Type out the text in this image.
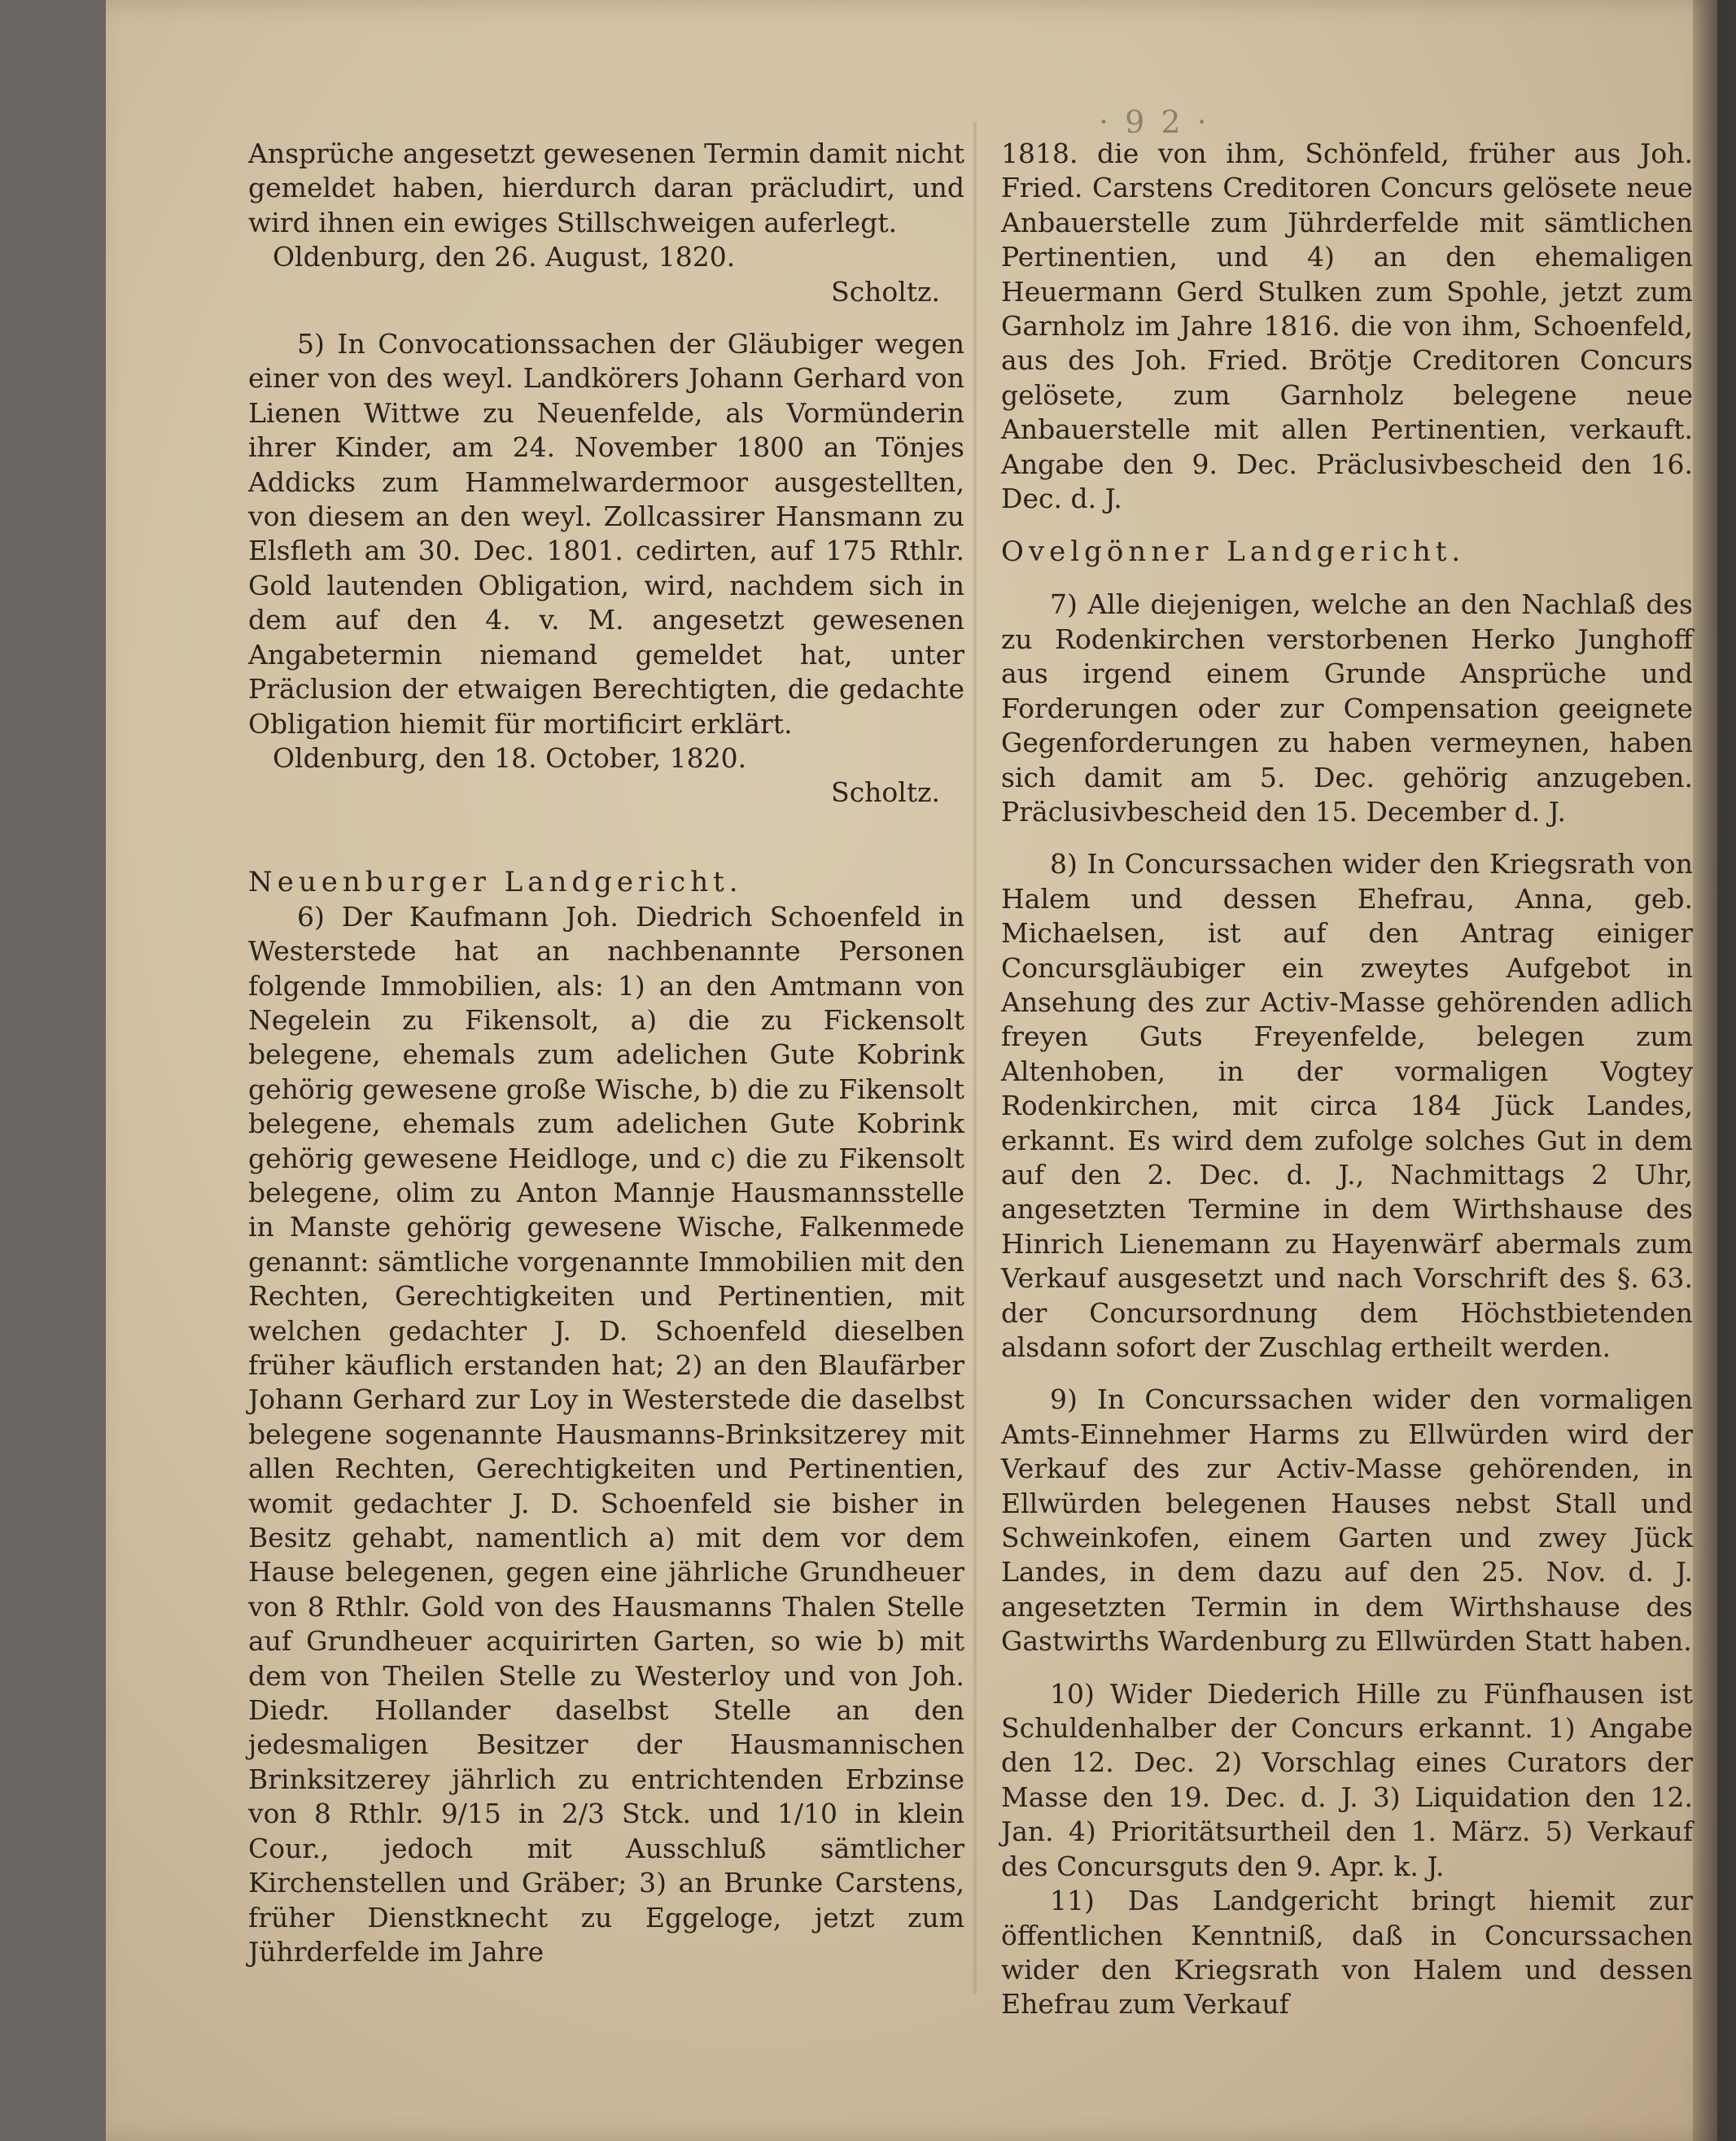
· 9 2 ·

Ansprüche angesetzt gewesenen Termin damit nicht gemeldet haben, hierdurch daran präcludirt, und wird ihnen ein ewiges Stillschweigen auferlegt.

Oldenburg, den 26. August, 1820.

Scholtz.

5) In Convocationssachen der Gläubiger wegen einer von des weyl. Landkörers Johann Gerhard von Lienen Wittwe zu Neuenfelde, als Vormünderin ihrer Kinder, am 24. November 1800 an Tönjes Addicks zum Hammelwardermoor ausgestellten, von diesem an den weyl. Zollcassirer Hansmann zu Elsfleth am 30. Dec. 1801. cedirten, auf 175 Rthlr. Gold lautenden Obligation, wird, nachdem sich in dem auf den 4. v. M. angesetzt gewesenen Angabetermin niemand gemeldet hat, unter Präclusion der etwaigen Berechtigten, die gedachte Obligation hiemit für mortificirt erklärt.

Oldenburg, den 18. October, 1820.

Scholtz.

Neuenburger Landgericht.

6) Der Kaufmann Joh. Diedrich Schoenfeld in Westerstede hat an nachbenannte Personen folgende Immobilien, als: 1) an den Amtmann von Negelein zu Fikensolt, a) die zu Fickensolt belegene, ehemals zum adelichen Gute Kobrink gehörig gewesene große Wische, b) die zu Fikensolt belegene, ehemals zum adelichen Gute Kobrink gehörig gewesene Heidloge, und c) die zu Fikensolt belegene, olim zu Anton Mannje Hausmannsstelle in Manste gehörig gewesene Wische, Falkenmede genannt: sämtliche vorgenannte Immobilien mit den Rechten, Gerechtigkeiten und Pertinentien, mit welchen gedachter J. D. Schoenfeld dieselben früher käuflich erstanden hat; 2) an den Blaufärber Johann Gerhard zur Loy in Westerstede die daselbst belegene sogenannte Hausmanns-Brinksitzerey mit allen Rechten, Gerechtigkeiten und Pertinentien, womit gedachter J. D. Schoenfeld sie bisher in Besitz gehabt, namentlich a) mit dem vor dem Hause belegenen, gegen eine jährliche Grundheuer von 8 Rthlr. Gold von des Hausmanns Thalen Stelle auf Grundheuer acquirirten Garten, so wie b) mit dem von Theilen Stelle zu Westerloy und von Joh. Diedr. Hollander daselbst Stelle an den jedesmaligen Besitzer der Hausmannischen Brinksitzerey jährlich zu entrichtenden Erbzinse von 8 Rthlr. 9/15 in 2/3 Stck. und 1/10 in klein Cour., jedoch mit Ausschluß sämtlicher Kirchenstellen und Gräber; 3) an Brunke Carstens, früher Dienstknecht zu Eggeloge, jetzt zum Jührderfelde im Jahre

1818. die von ihm, Schönfeld, früher aus Joh. Fried. Carstens Creditoren Concurs gelösete neue Anbauerstelle zum Jührderfelde mit sämtlichen Pertinentien, und 4) an den ehemaligen Heuermann Gerd Stulken zum Spohle, jetzt zum Garnholz im Jahre 1816. die von ihm, Schoenfeld, aus des Joh. Fried. Brötje Creditoren Concurs gelösete, zum Garnholz belegene neue Anbauerstelle mit allen Pertinentien, verkauft. Angabe den 9. Dec. Präclusivbescheid den 16. Dec. d. J.

Ovelgönner Landgericht.

7) Alle diejenigen, welche an den Nachlaß des zu Rodenkirchen verstorbenen Herko Junghoff aus irgend einem Grunde Ansprüche und Forderungen oder zur Compensation geeignete Gegenforderungen zu haben vermeynen, haben sich damit am 5. Dec. gehörig anzugeben. Präclusivbescheid den 15. December d. J.

8) In Concurssachen wider den Kriegsrath von Halem und dessen Ehefrau, Anna, geb. Michaelsen, ist auf den Antrag einiger Concursgläubiger ein zweytes Aufgebot in Ansehung des zur Activ-Masse gehörenden adlich freyen Guts Freyenfelde, belegen zum Altenhoben, in der vormaligen Vogtey Rodenkirchen, mit circa 184 Jück Landes, erkannt. Es wird dem zufolge solches Gut in dem auf den 2. Dec. d. J., Nachmittags 2 Uhr, angesetzten Termine in dem Wirthshause des Hinrich Lienemann zu Hayenwärf abermals zum Verkauf ausgesetzt und nach Vorschrift des §. 63. der Concursordnung dem Höchstbietenden alsdann sofort der Zuschlag ertheilt werden.

9) In Concurssachen wider den vormaligen Amts-Einnehmer Harms zu Ellwürden wird der Verkauf des zur Activ-Masse gehörenden, in Ellwürden belegenen Hauses nebst Stall und Schweinkofen, einem Garten und zwey Jück Landes, in dem dazu auf den 25. Nov. d. J. angesetzten Termin in dem Wirthshause des Gastwirths Wardenburg zu Ellwürden Statt haben.

10) Wider Diederich Hille zu Fünfhausen ist Schuldenhalber der Concurs erkannt. 1) Angabe den 12. Dec. 2) Vorschlag eines Curators der Masse den 19. Dec. d. J. 3) Liquidation den 12. Jan. 4) Prioritätsurtheil den 1. März. 5) Verkauf des Concursguts den 9. Apr. k. J.

11) Das Landgericht bringt hiemit zur öffentlichen Kenntniß, daß in Concurssachen wider den Kriegsrath von Halem und dessen Ehefrau zum Verkauf
